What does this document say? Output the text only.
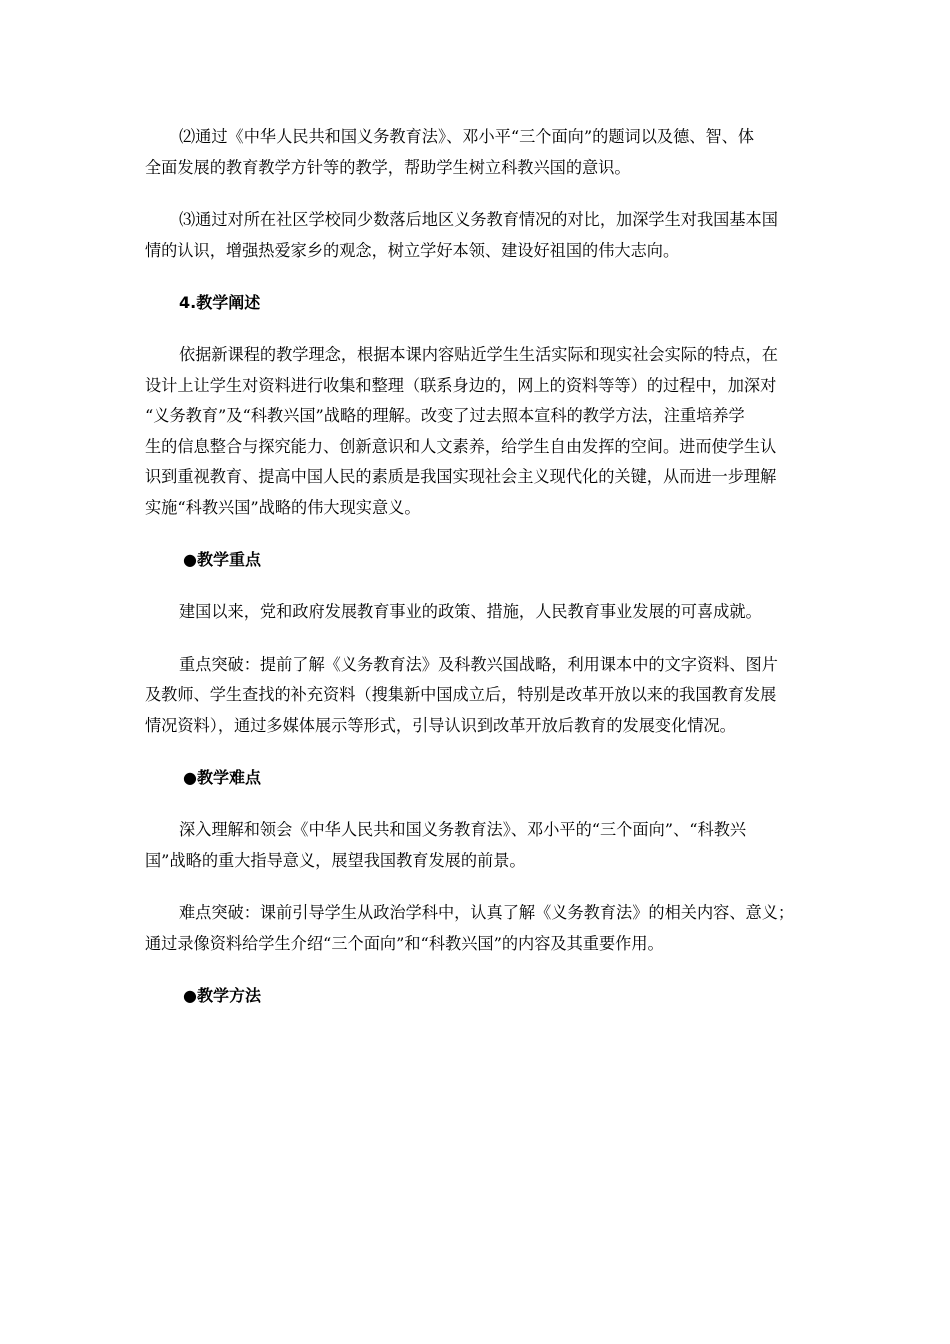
⑵通过《中华人民共和国义务教育法》、邓小平“三个面向”的题词以及德、智、体
全面发展的教育教学方针等的教学，帮助学生树立科教兴国的意识。
⑶通过对所在社区学校同少数落后地区义务教育情况的对比，加深学生对我国基本国
情的认识，增强热爱家乡的观念，树立学好本领、建设好祖国的伟大志向。
4.教学阐述
依据新课程的教学理念，根据本课内容贴近学生生活实际和现实社会实际的特点，在
设计上让学生对资料进行收集和整理（联系身边的，网上的资料等等）的过程中，加深对
“义务教育”及“科教兴国”战略的理解。改变了过去照本宣科的教学方法，注重培养学
生的信息整合与探究能力、创新意识和人文素养，给学生自由发挥的空间。进而使学生认
识到重视教育、提高中国人民的素质是我国实现社会主义现代化的关键，从而进一步理解
实施“科教兴国”战略的伟大现实意义。
●教学重点
建国以来，党和政府发展教育事业的政策、措施，人民教育事业发展的可喜成就。
重点突破：提前了解《义务教育法》及科教兴国战略，利用课本中的文字资料、图片
及教师、学生查找的补充资料（搜集新中国成立后，特别是改革开放以来的我国教育发展
情况资料），通过多媒体展示等形式，引导认识到改革开放后教育的发展变化情况。
●教学难点
深入理解和领会《中华人民共和国义务教育法》、邓小平的“三个面向”、“科教兴
国”战略的重大指导意义，展望我国教育发展的前景。
难点突破：课前引导学生从政治学科中，认真了解《义务教育法》的相关内容、意义；
通过录像资料给学生介绍“三个面向”和“科教兴国”的内容及其重要作用。
●教学方法
